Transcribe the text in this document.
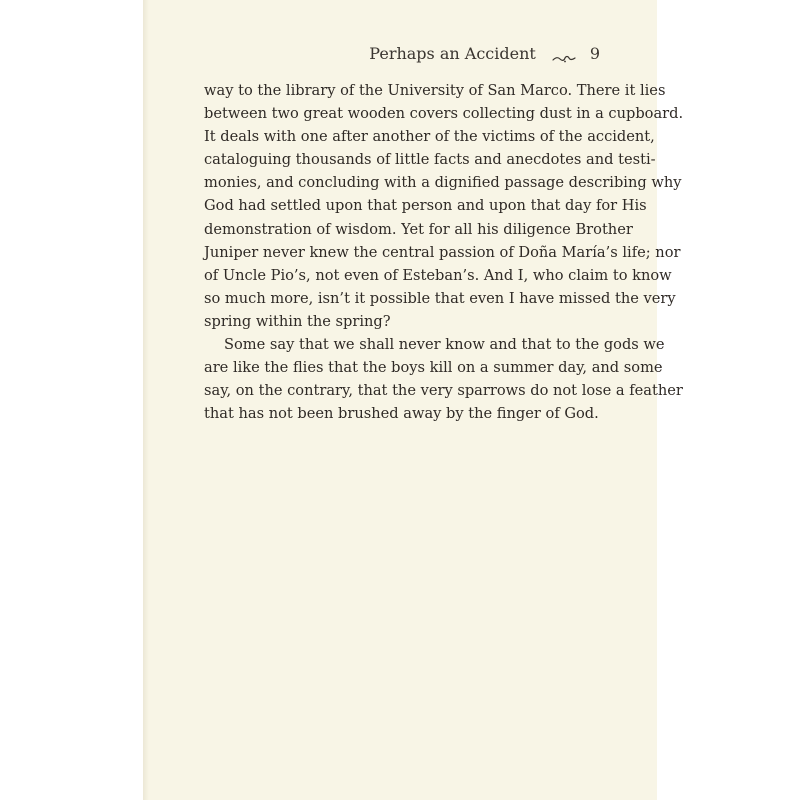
Perhaps an Accident	9

way to the library of the University of San Marco. There it lies
between two great wooden covers collecting dust in a cupboard.
It deals with one after another of the victims of the accident,
cataloguing thousands of little facts and anecdotes and testi-
monies, and concluding with a dignified passage describing why
God had settled upon that person and upon that day for His
demonstration of wisdom. Yet for all his diligence Brother
Juniper never knew the central passion of Doña María’s life; nor
of Uncle Pio’s, not even of Esteban’s. And I, who claim to know
so much more, isn’t it possible that even I have missed the very
spring within the spring?

Some say that we shall never know and that to the gods we
are like the flies that the boys kill on a summer day, and some
say, on the contrary, that the very sparrows do not lose a feather
that has not been brushed away by the finger of God.
